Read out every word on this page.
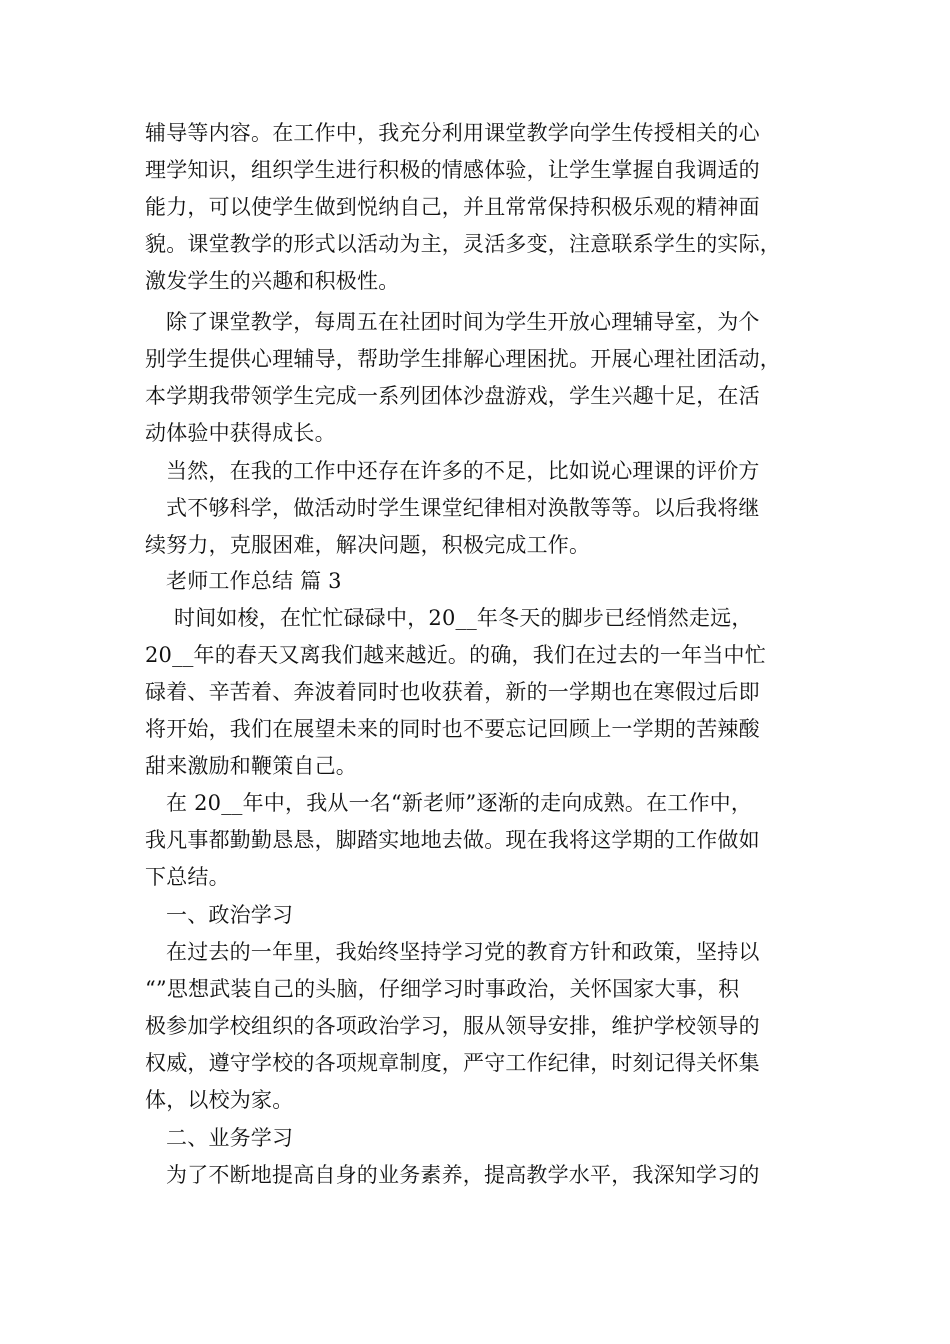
辅导等内容。在工作中，我充分利用课堂教学向学生传授相关的心
理学知识，组织学生进行积极的情感体验，让学生掌握自我调适的
能力，可以使学生做到悦纳自己，并且常常保持积极乐观的精神面
貌。课堂教学的形式以活动为主，灵活多变，注意联系学生的实际，
激发学生的兴趣和积极性。
除了课堂教学，每周五在社团时间为学生开放心理辅导室，为个
别学生提供心理辅导，帮助学生排解心理困扰。开展心理社团活动，
本学期我带领学生完成一系列团体沙盘游戏，学生兴趣十足，在活
动体验中获得成长。
当然，在我的工作中还存在许多的不足，比如说心理课的评价方
式不够科学，做活动时学生课堂纪律相对涣散等等。以后我将继
续努力，克服困难，解决问题，积极完成工作。
老师工作总结 篇 3
时间如梭，在忙忙碌碌中，20__年冬天的脚步已经悄然走远，
20__年的春天又离我们越来越近。的确，我们在过去的一年当中忙
碌着、辛苦着、奔波着同时也收获着，新的一学期也在寒假过后即
将开始，我们在展望未来的同时也不要忘记回顾上一学期的苦辣酸
甜来激励和鞭策自己。
在 20__年中，我从一名“新老师”逐渐的走向成熟。在工作中，
我凡事都勤勤恳恳，脚踏实地地去做。现在我将这学期的工作做如
下总结。
一、政治学习
在过去的一年里，我始终坚持学习党的教育方针和政策，坚持以
“”思想武装自己的头脑，仔细学习时事政治，关怀国家大事，积
极参加学校组织的各项政治学习，服从领导安排，维护学校领导的
权威，遵守学校的各项规章制度，严守工作纪律，时刻记得关怀集
体，以校为家。
二、业务学习
为了不断地提高自身的业务素养，提高教学水平，我深知学习的
